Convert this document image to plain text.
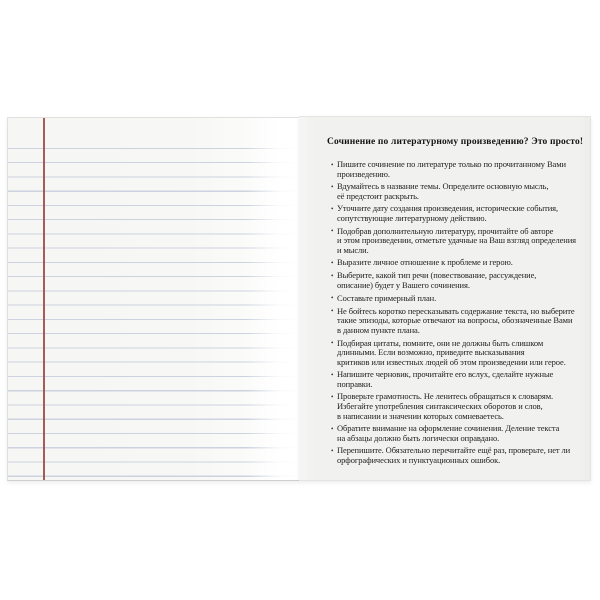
Сочинение по литературному произведению? Это просто!
• Пишите сочинение по литературе только по прочитанному Вами
произведению.
• Вдумайтесь в название темы. Определите основную мысль,
её предстоит раскрыть.
• Уточните дату создания произведения, исторические события,
сопутствующие литературному действию.
• Подобрав дополнительную литературу, прочитайте об авторе
и этом произведении, отметьте удачные на Ваш взгляд определения
и мысли.
• Выразите личное отношение к проблеме и герою.
• Выберите, какой тип речи (повествование, рассуждение,
описание) будет у Вашего сочинения.
• Составьте примерный план.
• Не бойтесь коротко пересказывать содержание текста, но выберите
такие эпизоды, которые отвечают на вопросы, обозначенные Вами
в данном пункте плана.
• Подбирая цитаты, помните, они не должны быть слишком
длинными. Если возможно, приведите высказывания
критиков или известных людей об этом произведении или герое.
• Напишите черновик, прочитайте его вслух, сделайте нужные
поправки.
• Проверьте грамотность. Не ленитесь обращаться к словарям.
Избегайте употребления синтаксических оборотов и слов,
в написании и значении которых сомневаетесь.
• Обратите внимание на оформление сочинения. Деление текста
на абзацы должно быть логически оправдано.
• Перепишите. Обязательно перечитайте ещё раз, проверьте, нет ли
орфографических и пунктуационных ошибок.
